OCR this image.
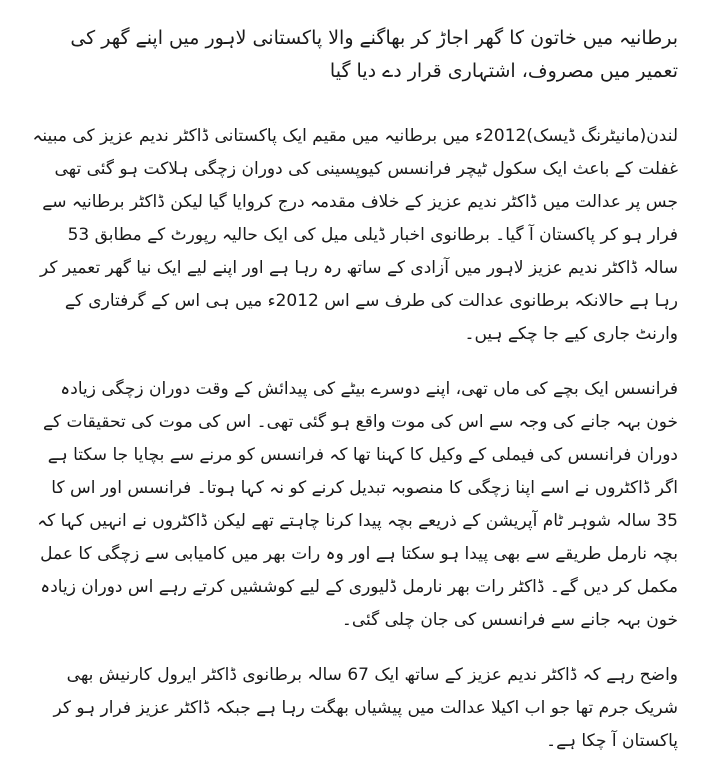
برطانیہ میں خاتون کا گھر اجاڑ کر بھاگنے والا پاکستانی لاہور میں اپنے گھر کی تعمیر میں مصروف، اشتہاری قرار دے دیا گیا

لندن(مانیٹرنگ ڈیسک)2012ء میں برطانیہ میں مقیم ایک پاکستانی ڈاکٹر ندیم عزیز کی مبینہ غفلت کے باعث ایک سکول ٹیچر فرانسس کیوپسینی کی دوران زچگی ہلاکت ہو گئی تھی جس پر عدالت میں ڈاکٹر ندیم عزیز کے خلاف مقدمہ درج کروایا گیا لیکن ڈاکٹر برطانیہ سے فرار ہو کر پاکستان آ گیا۔ برطانوی اخبار ڈیلی میل کی ایک حالیہ رپورٹ کے مطابق 53 سالہ ڈاکٹر ندیم عزیز لاہور میں آزادی کے ساتھ رہ رہا ہے اور اپنے لیے ایک نیا گھر تعمیر کر رہا ہے حالانکہ برطانوی عدالت کی طرف سے اس 2012ء میں ہی اس کے گرفتاری کے وارنٹ جاری کیے جا چکے ہیں۔

فرانسس ایک بچے کی ماں تھی، اپنے دوسرے بیٹے کی پیدائش کے وقت دوران زچگی زیادہ خون بہہ جانے کی وجہ سے اس کی موت واقع ہو گئی تھی۔ اس کی موت کی تحقیقات کے دوران فرانسس کی فیملی کے وکیل کا کہنا تھا کہ فرانسس کو مرنے سے بچایا جا سکتا ہے اگر ڈاکٹروں نے اسے اپنا زچگی کا منصوبہ تبدیل کرنے کو نہ کہا ہوتا۔ فرانسس اور اس کا 35 سالہ شوہر ٹام آپریشن کے ذریعے بچہ پیدا کرنا چاہتے تھے لیکن ڈاکٹروں نے انہیں کہا کہ بچہ نارمل طریقے سے بھی پیدا ہو سکتا ہے اور وہ رات بھر میں کامیابی سے زچگی کا عمل مکمل کر دیں گے۔ ڈاکٹر رات بھر نارمل ڈلیوری کے لیے کوششیں کرتے رہے اس دوران زیادہ خون بہہ جانے سے فرانسس کی جان چلی گئی۔

واضح رہے کہ ڈاکٹر ندیم عزیز کے ساتھ ایک 67 سالہ برطانوی ڈاکٹر ایرول کارنیش بھی شریک جرم تھا جو اب اکیلا عدالت میں پیشیاں بھگت رہا ہے جبکہ ڈاکٹر عزیز فرار ہو کر پاکستان آ چکا ہے۔
